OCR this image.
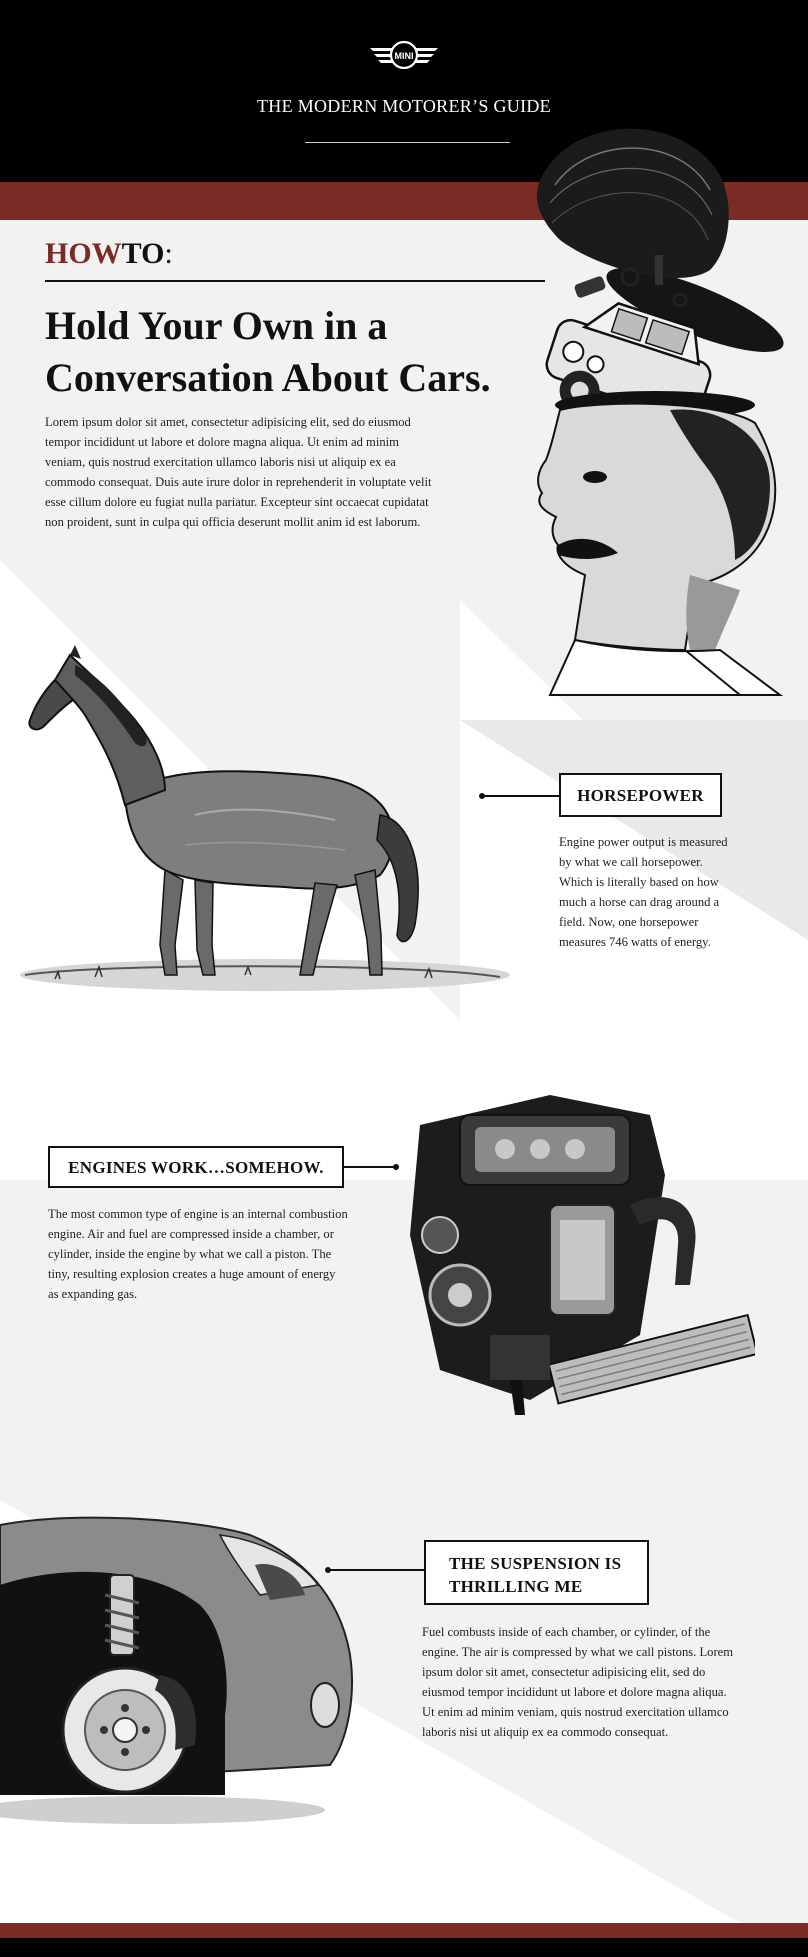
MINI
THE MODERN MOTORER’S GUIDE
HOWTO:
Hold Your Own in a
Conversation About Cars.

Lorem ipsum dolor sit amet, consectetur adipisicing elit, sed do eiusmod tempor incididunt ut labore et dolore magna aliqua. Ut enim ad minim veniam, quis nostrud exercitation ullamco laboris nisi ut aliquip ex ea commodo consequat. Duis aute irure dolor in reprehenderit in voluptate velit esse cillum dolore eu fugiat nulla pariatur. Excepteur sint occaecat cupidatat non proident, sunt in culpa qui officia deserunt mollit anim id est laborum.

HORSEPOWER

Engine power output is measured by what we call horsepower. Which is literally based on how much a horse can drag around a field. Now, one horsepower measures 746 watts of energy.

ENGINES WORK…SOMEHOW.

The most common type of engine is an internal combustion engine. Air and fuel are compressed inside a chamber, or cylinder, inside the engine by what we call a piston. The tiny, resulting explosion creates a huge amount of energy as expanding gas.

THE SUSPENSION IS
THRILLING ME

Fuel combusts inside of each chamber, or cylinder, of the engine. The air is compressed by what we call pistons. Lorem ipsum dolor sit amet, consectetur adipisicing elit, sed do eiusmod tempor incididunt ut labore et dolore magna aliqua. Ut enim ad minim veniam, quis nostrud exercitation ullamco laboris nisi ut aliquip ex ea commodo consequat.
